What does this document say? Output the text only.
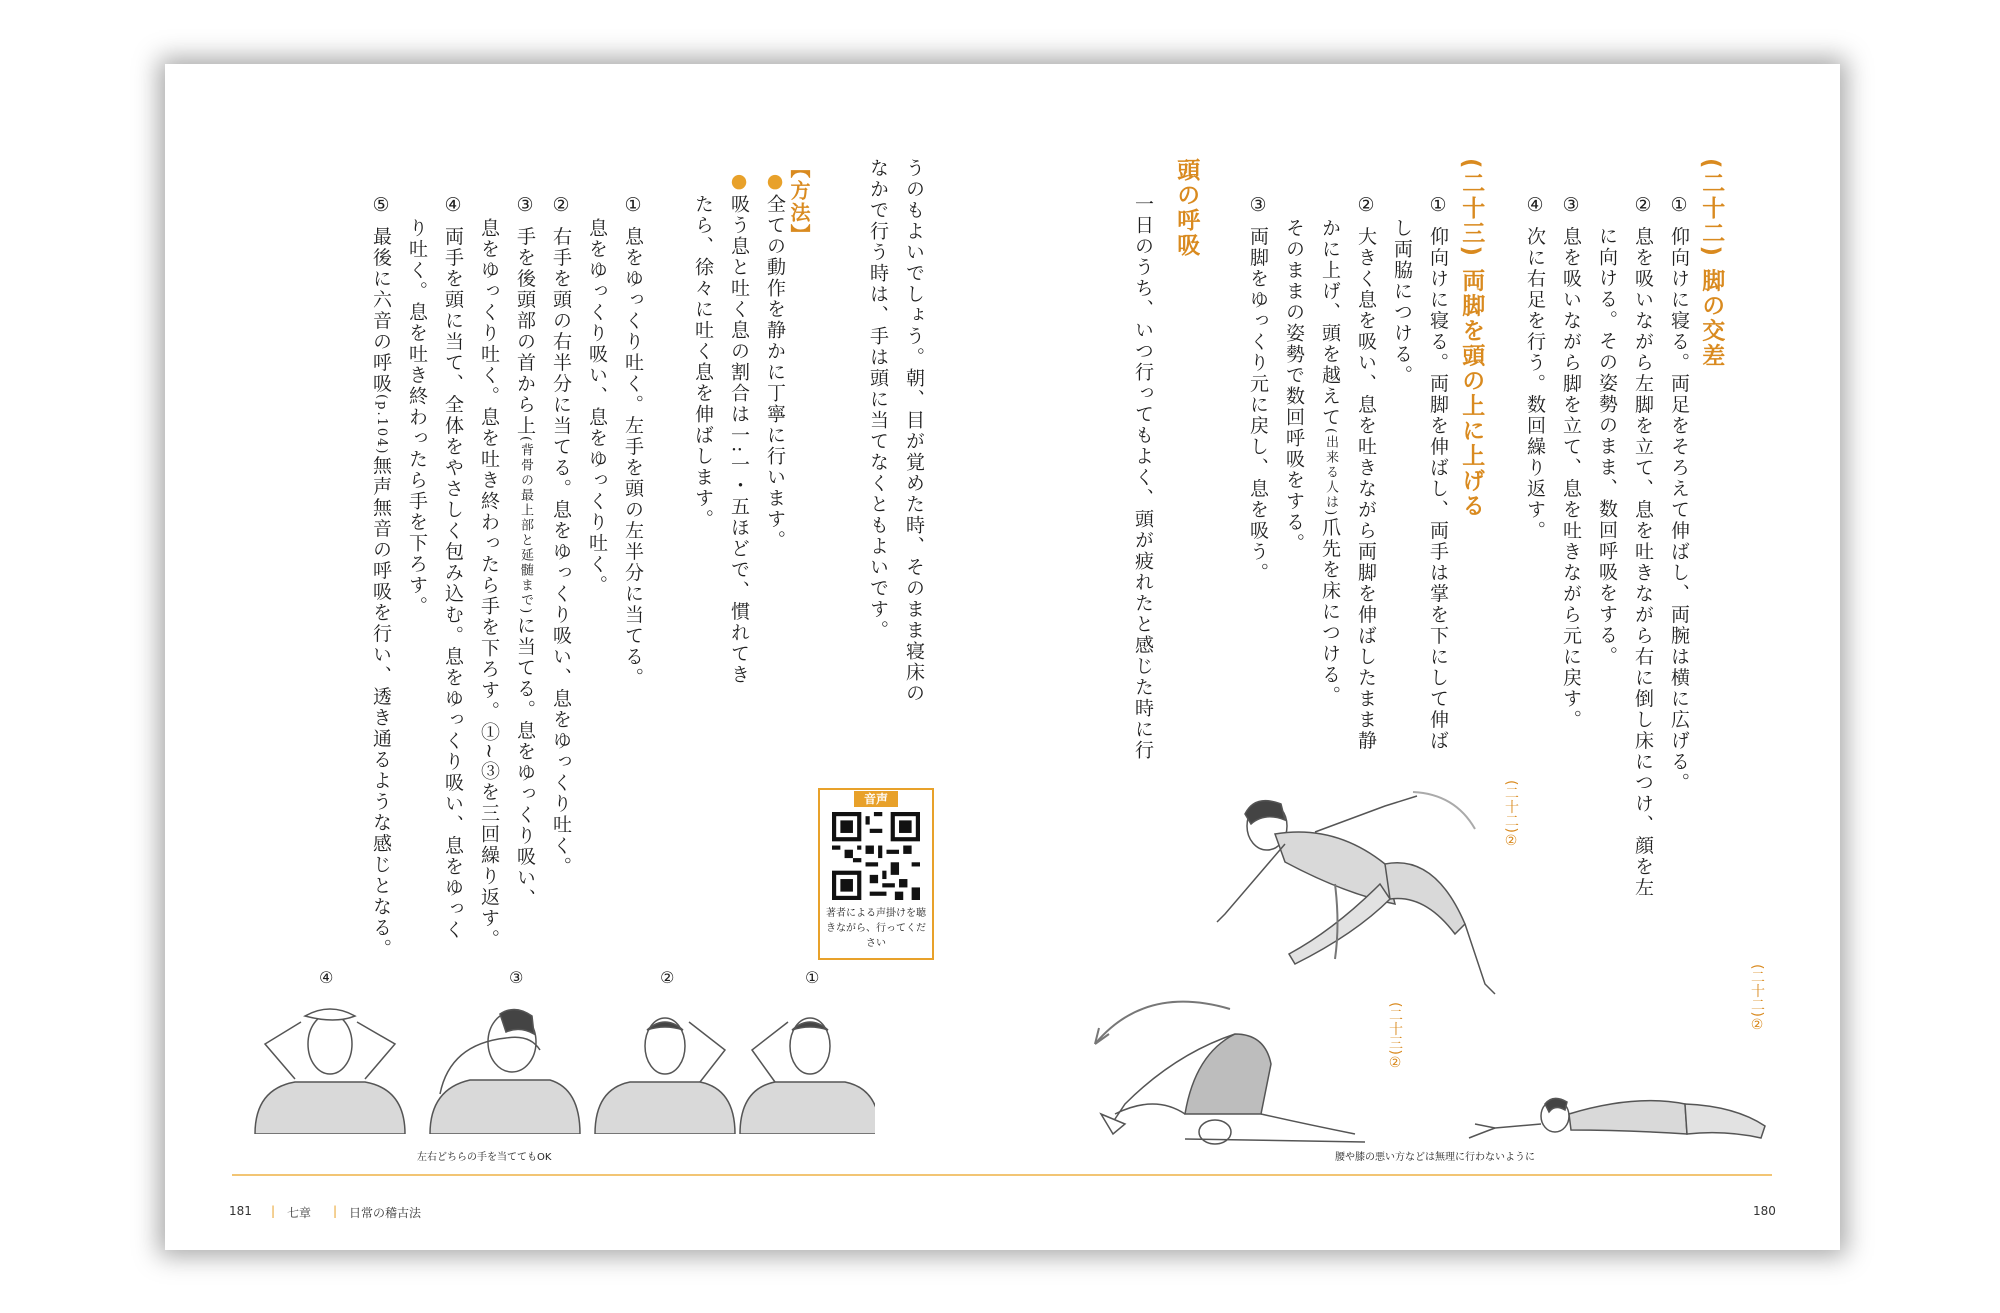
(二十二) 脚の交差

① 仰向けに寝る。両足をそろえて伸ばし、両腕は横に広げる。

② 息を吸いながら左脚を立て、息を吐きながら右に倒し床につけ、顔を左

に向ける。その姿勢のまま、数回呼吸をする。

③ 息を吸いながら脚を立て、息を吐きながら元に戻す。

④ 次に右足を行う。数回繰り返す。

(二十三) 両脚を頭の上に上げる

① 仰向けに寝る。両脚を伸ばし、両手は掌を下にして伸ば

し両脇につける。

② 大きく息を吸い、息を吐きながら両脚を伸ばしたまま静

かに上げ、頭を越えて(出来る人は)爪先を床につける。

そのままの姿勢で数回呼吸をする。

③ 両脚をゆっくり元に戻し、息を吸う。

頭の呼吸

一日のうち、いつ行ってもよく、頭が疲れたと感じた時に行

(二十二)②
(二十二)②
(二十三)②
腰や膝の悪い方などは無理に行わないように

うのもよいでしょう。朝、目が覚めた時、そのまま寝床の

なかで行う時は、手は頭に当てなくともよいです。

【方法】

●全ての動作を静かに丁寧に行います。

●吸う息と吐く息の割合は一:一・五ほどで、慣れてき

たら、徐々に吐く息を伸ばします。

① 息をゆっくり吐く。左手を頭の左半分に当てる。

息をゆっくり吸い、息をゆっくり吐く。

② 右手を頭の右半分に当てる。息をゆっくり吸い、息をゆっくり吐く。

③ 手を後頭部の首から上(背骨の最上部と延髄まで)に当てる。息をゆっくり吸い、

息をゆっくり吐く。息を吐き終わったら手を下ろす。①~③を三回繰り返す。

④ 両手を頭に当て、全体をやさしく包み込む。息をゆっくり吸い、息をゆっく

り吐く。息を吐き終わったら手を下ろす。

⑤ 最後に六音の呼吸(p.104)無声無音の呼吸を行い、透き通るような感じとなる。	音声
著者による声掛けを聴きながら、行ってください
④	③	②	①
左右どちらの手を当ててもOK
181 | 七章 | 日常の稽古法	180
